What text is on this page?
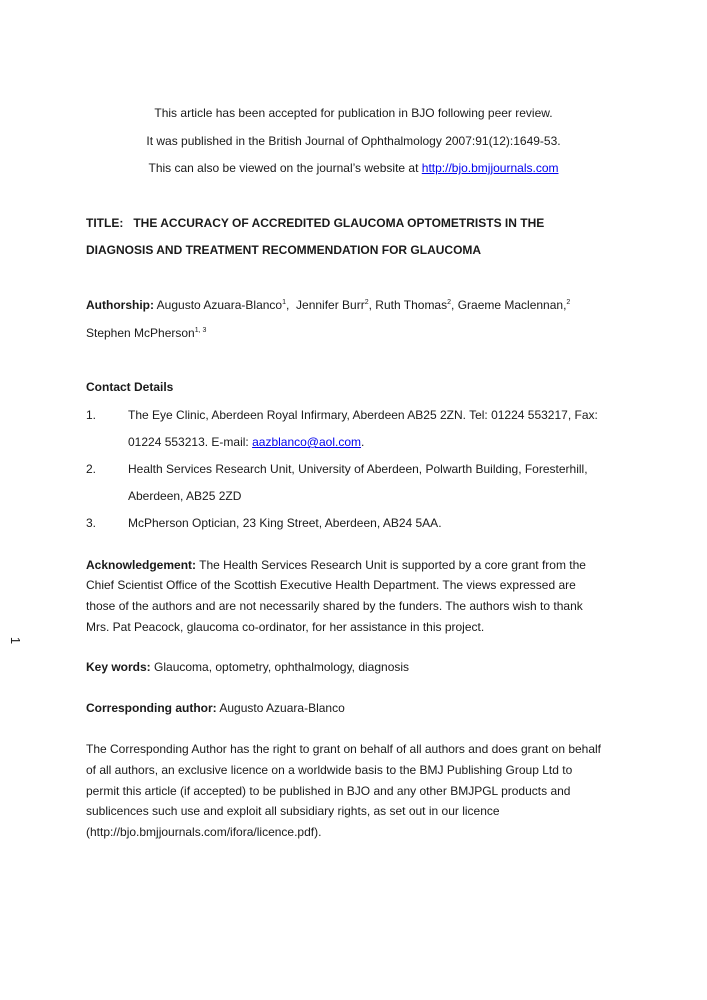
This article has been accepted for publication in BJO following peer review.
It was published in the British Journal of Ophthalmology 2007:91(12):1649-53.
This can also be viewed on the journal’s website at http://bjo.bmjjournals.com
TITLE: THE ACCURACY OF ACCREDITED GLAUCOMA OPTOMETRISTS IN THE
DIAGNOSIS AND TREATMENT RECOMMENDATION FOR GLAUCOMA
Authorship: Augusto Azuara-Blanco$^1$,  Jennifer Burr$^2$, Ruth Thomas$^2$, Graeme Maclennan,$^2$
Stephen McPherson$^{1, 3}$
Contact Details
1.	The Eye Clinic, Aberdeen Royal Infirmary, Aberdeen AB25 2ZN. Tel: 01224 553217, Fax:
01224 553213. E-mail: aazblanco@aol.com.
2.	Health Services Research Unit, University of Aberdeen, Polwarth Building, Foresterhill,
Aberdeen, AB25 2ZD
3.	McPherson Optician, 23 King Street, Aberdeen, AB24 5AA.
Acknowledgement: The Health Services Research Unit is supported by a core grant from the
Chief Scientist Office of the Scottish Executive Health Department. The views expressed are
those of the authors and are not necessarily shared by the funders. The authors wish to thank
Mrs. Pat Peacock, glaucoma co-ordinator, for her assistance in this project.
Key words: Glaucoma, optometry, ophthalmology, diagnosis
Corresponding author: Augusto Azuara-Blanco
The Corresponding Author has the right to grant on behalf of all authors and does grant on behalf
of all authors, an exclusive licence on a worldwide basis to the BMJ Publishing Group Ltd to
permit this article (if accepted) to be published in BJO and any other BMJPGL products and
sublicences such use and exploit all subsidiary rights, as set out in our licence
(http://bjo.bmjjournals.com/ifora/licence.pdf).
1
